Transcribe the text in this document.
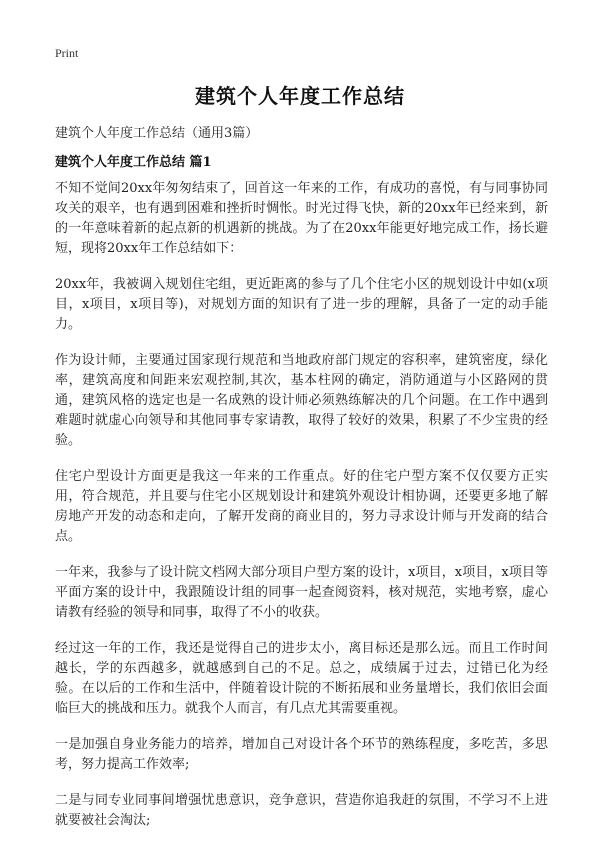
Print
建筑个人年度工作总结
建筑个人年度工作总结（通用3篇）
建筑个人年度工作总结 篇1

不知不觉间20xx年匆匆结束了，回首这一年来的工作，有成功的喜悦，有与同事协同攻关的艰辛，也有遇到困难和挫折时惆怅。时光过得飞快，新的20xx年已经来到，新的一年意味着新的起点新的机遇新的挑战。为了在20xx年能更好地完成工作，扬长避短，现将20xx年工作总结如下：

20xx年，我被调入规划住宅组，更近距离的参与了几个住宅小区的规划设计中如(x项目，x项目，x项目等)，对规划方面的知识有了进一步的理解，具备了一定的动手能力。

作为设计师，主要通过国家现行规范和当地政府部门规定的容积率，建筑密度，绿化率，建筑高度和间距来宏观控制,其次，基本柱网的确定，消防通道与小区路网的贯通，建筑风格的选定也是一名成熟的设计师必须熟练解决的几个问题。在工作中遇到难题时就虚心向领导和其他同事专家请教，取得了较好的效果，积累了不少宝贵的经验。

住宅户型设计方面更是我这一年来的工作重点。好的住宅户型方案不仅仅要方正实用，符合规范，并且要与住宅小区规划设计和建筑外观设计相协调，还要更多地了解房地产开发的动态和走向，了解开发商的商业目的，努力寻求设计师与开发商的结合点。

一年来，我参与了设计院文档网大部分项目户型方案的设计，x项目，x项目，x项目等平面方案的设计中，我跟随设计组的同事一起查阅资料，核对规范，实地考察，虚心请教有经验的领导和同事，取得了不小的收获。

经过这一年的工作，我还是觉得自己的进步太小，离目标还是那么远。而且工作时间越长，学的东西越多，就越感到自己的不足。总之，成绩属于过去，过错已化为经验。在以后的工作和生活中，伴随着设计院的不断拓展和业务量增长，我们依旧会面临巨大的挑战和压力。就我个人而言，有几点尤其需要重视。

一是加强自身业务能力的培养，增加自己对设计各个环节的熟练程度，多吃苦，多思考，努力提高工作效率;

二是与同专业同事间增强忧患意识，竞争意识，营造你追我赶的氛围，不学习不上进就要被社会淘汰;
